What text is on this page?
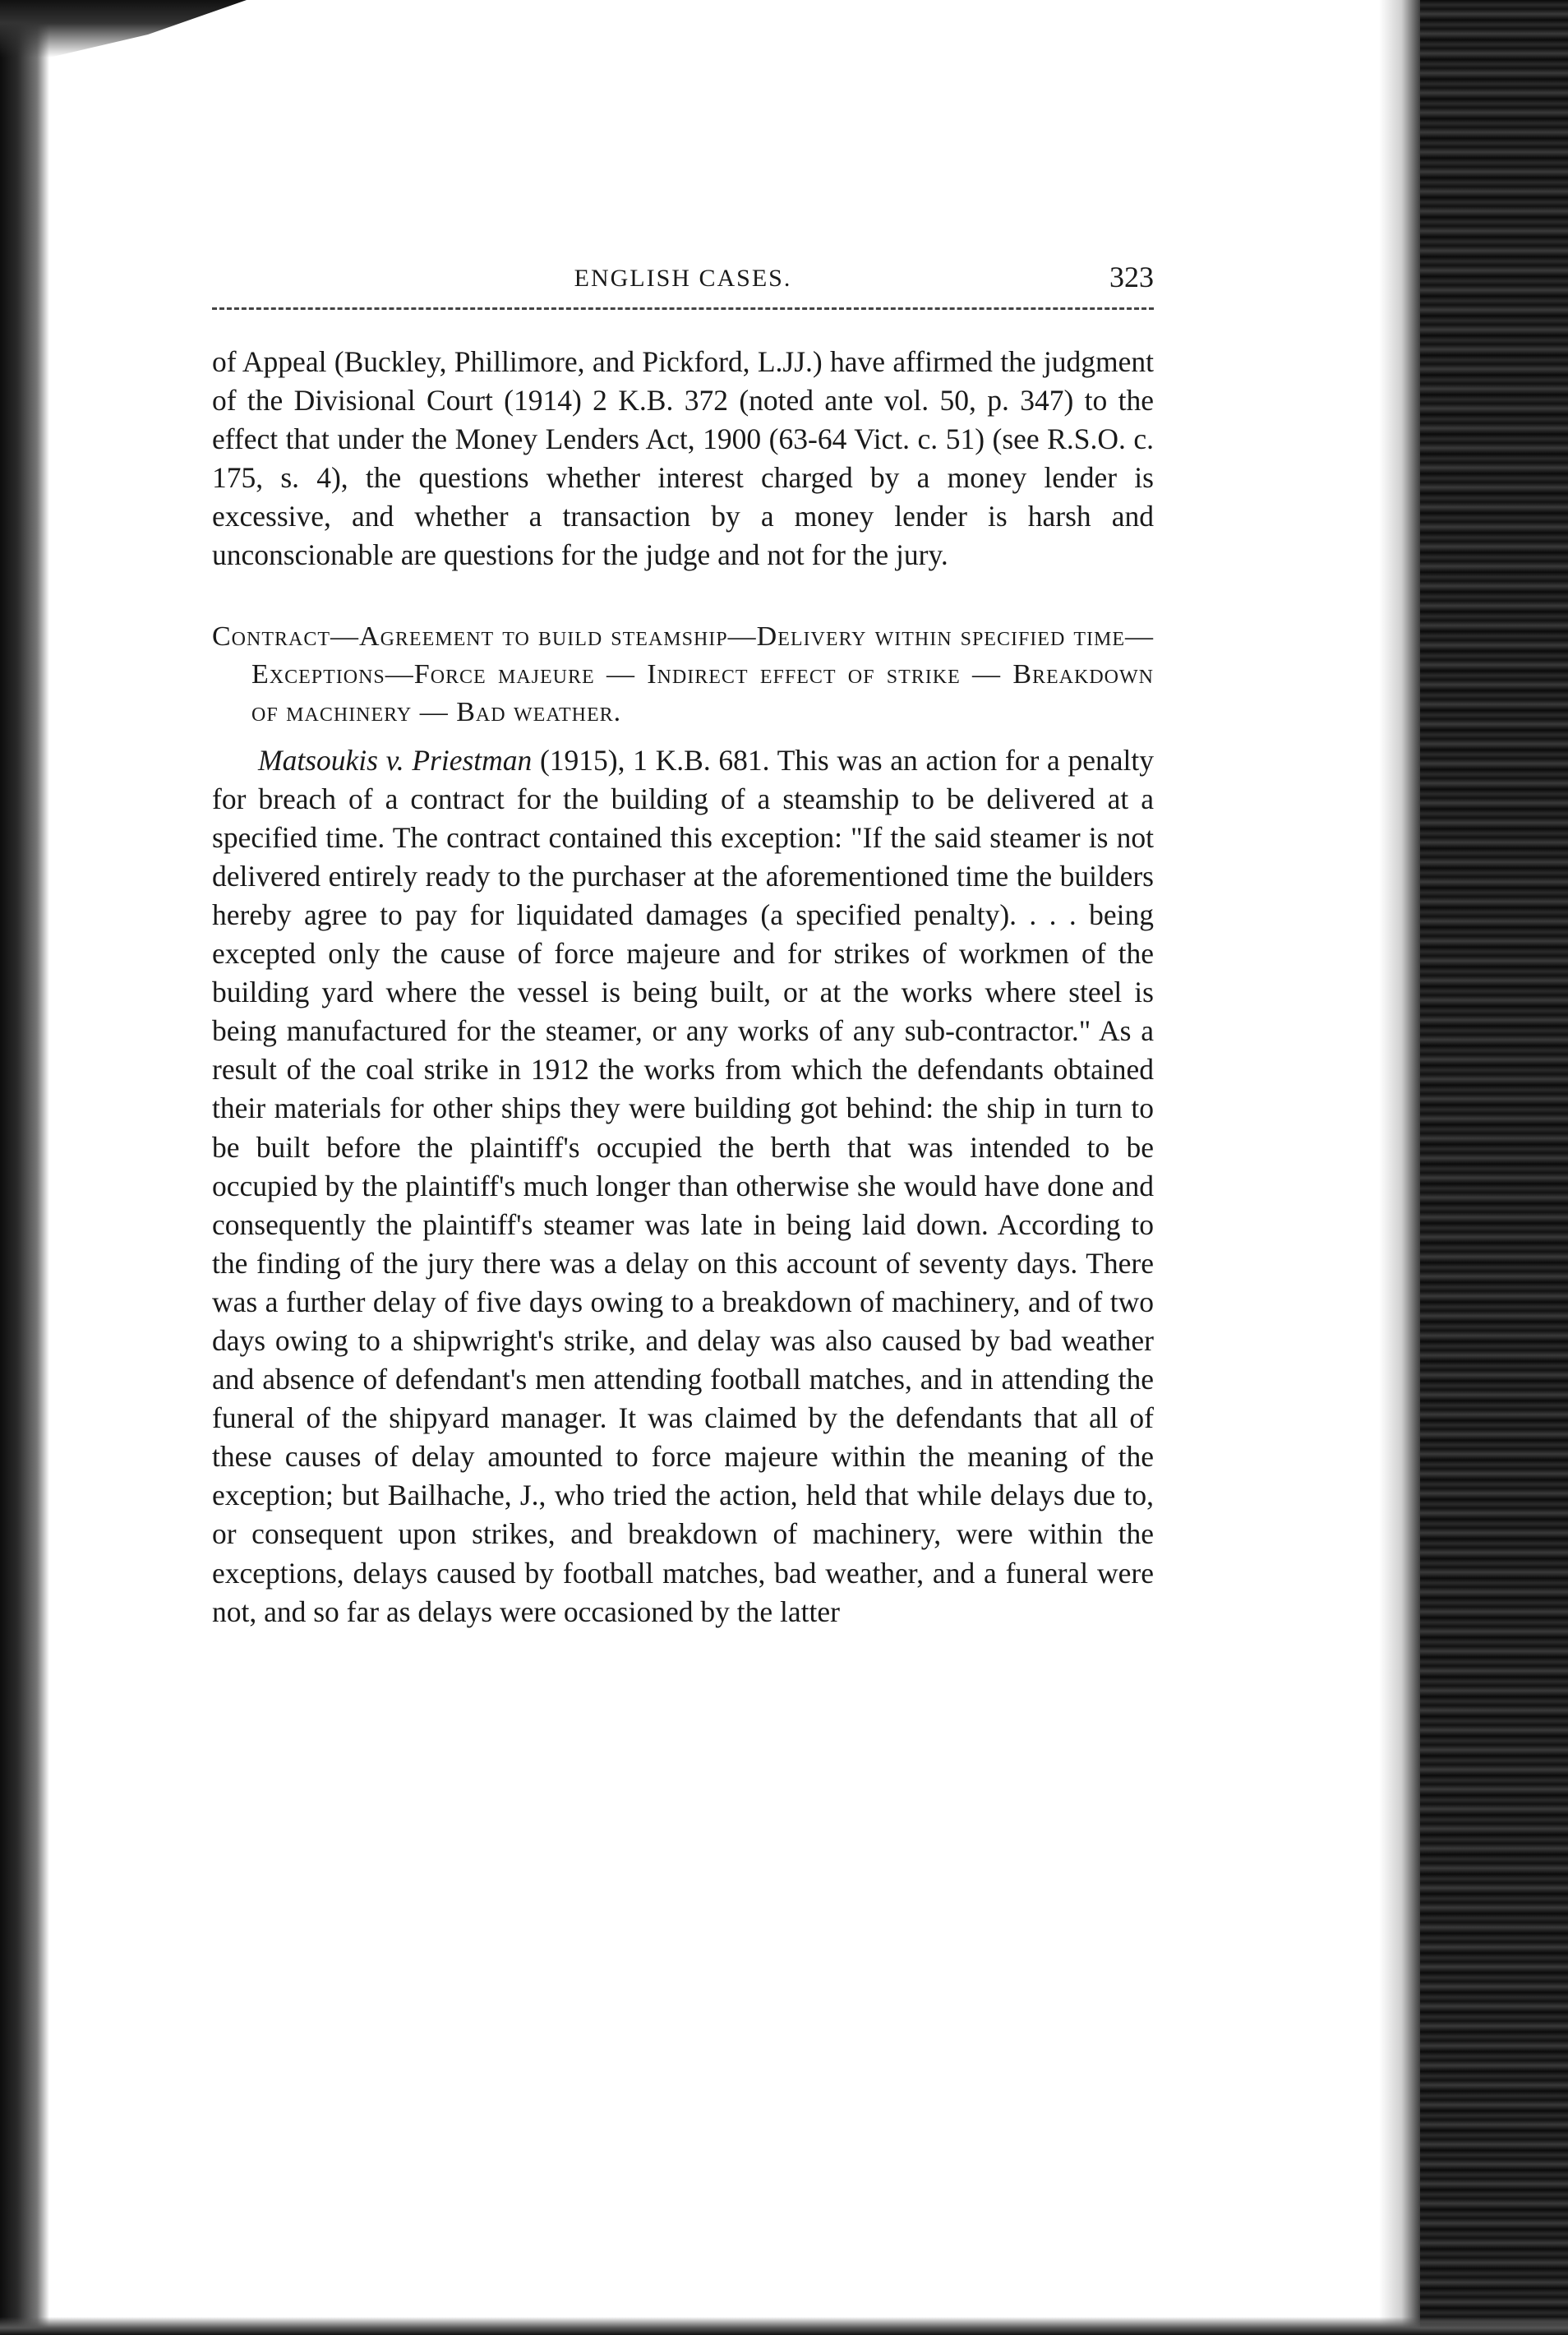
ENGLISH CASES.	323

of Appeal (Buckley, Phillimore, and Pickford, L.JJ.) have affirmed the judgment of the Divisional Court (1914) 2 K.B. 372 (noted ante vol. 50, p. 347) to the effect that under the Money Lenders Act, 1900 (63-64 Vict. c. 51) (see R.S.O. c. 175, s. 4), the questions whether interest charged by a money lender is excessive, and whether a transaction by a money lender is harsh and unconscionable are questions for the judge and not for the jury.

Contract—Agreement to build steamship—Delivery within specified time—Exceptions—Force majeure — Indirect effect of strike — Breakdown of machinery — Bad weather.

Matsoukis v. Priestman (1915), 1 K.B. 681. This was an action for a penalty for breach of a contract for the building of a steamship to be delivered at a specified time. The contract contained this exception: "If the said steamer is not delivered entirely ready to the purchaser at the aforementioned time the builders hereby agree to pay for liquidated damages (a specified penalty). . . . being excepted only the cause of force majeure and for strikes of workmen of the building yard where the vessel is being built, or at the works where steel is being manufactured for the steamer, or any works of any sub-contractor." As a result of the coal strike in 1912 the works from which the defendants obtained their materials for other ships they were building got behind: the ship in turn to be built before the plaintiff's occupied the berth that was intended to be occupied by the plaintiff's much longer than otherwise she would have done and consequently the plaintiff's steamer was late in being laid down. According to the finding of the jury there was a delay on this account of seventy days. There was a further delay of five days owing to a breakdown of machinery, and of two days owing to a shipwright's strike, and delay was also caused by bad weather and absence of defendant's men attending football matches, and in attending the funeral of the shipyard manager. It was claimed by the defendants that all of these causes of delay amounted to force majeure within the meaning of the exception; but Bailhache, J., who tried the action, held that while delays due to, or consequent upon strikes, and breakdown of machinery, were within the exceptions, delays caused by football matches, bad weather, and a funeral were not, and so far as delays were occasioned by the latter
